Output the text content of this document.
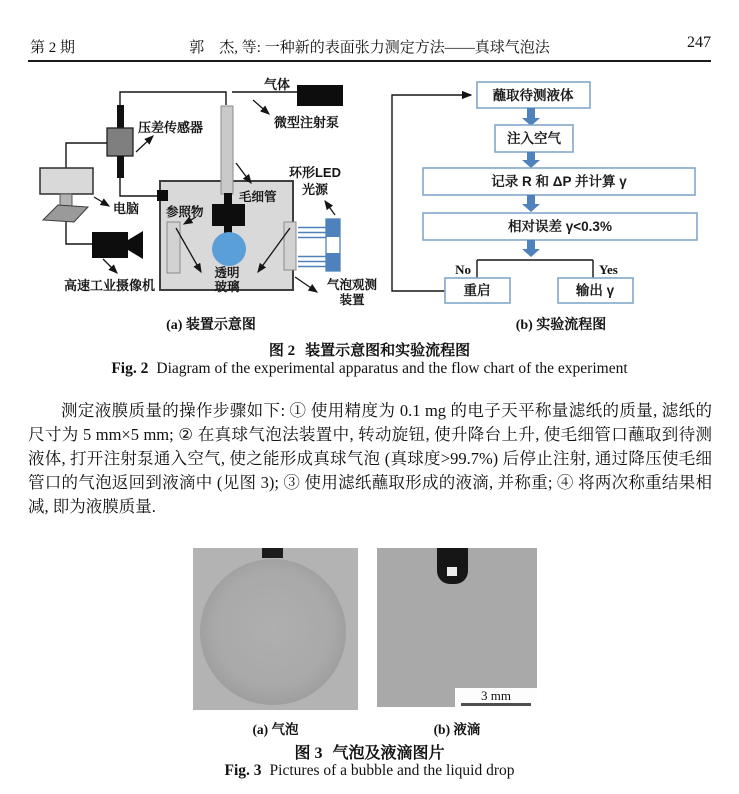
第 2 期	郭　杰, 等: 一种新的表面张力测定方法——真球气泡法	247
气体
微型注射泵
压差传感器
电脑 参照物
毛细管
环形LED
光源
透明
玻璃
高速工业摄像机	气泡观测
装置
(a) 装置示意图
蘸取待测液体
注入空气
记录 R 和 ΔP 并计算 γ
相对误差 γ<0.3%
No	Yes
重启	输出 γ
(b) 实验流程图
图 2 装置示意图和实验流程图
Fig. 2 Diagram of the experimental apparatus and the flow chart of the experiment
测定液膜质量的操作步骤如下: ① 使用精度为 0.1 mg 的电子天平称量滤纸的质量, 滤纸的尺寸为 5 mm×5 mm; ② 在真球气泡法装置中, 转动旋钮, 使升降台上升, 使毛细管口蘸取到待测液体, 打开注射泵通入空气, 使之能形成真球气泡 (真球度>99.7%) 后停止注射, 通过降压使毛细管口的气泡返回到液滴中 (见图 3); ③ 使用滤纸蘸取形成的液滴, 并称重; ④ 将两次称重结果相减, 即为液膜质量.
3 mm
(a) 气泡	(b) 液滴
图 3 气泡及液滴图片
Fig. 3 Pictures of a bubble and the liquid drop
